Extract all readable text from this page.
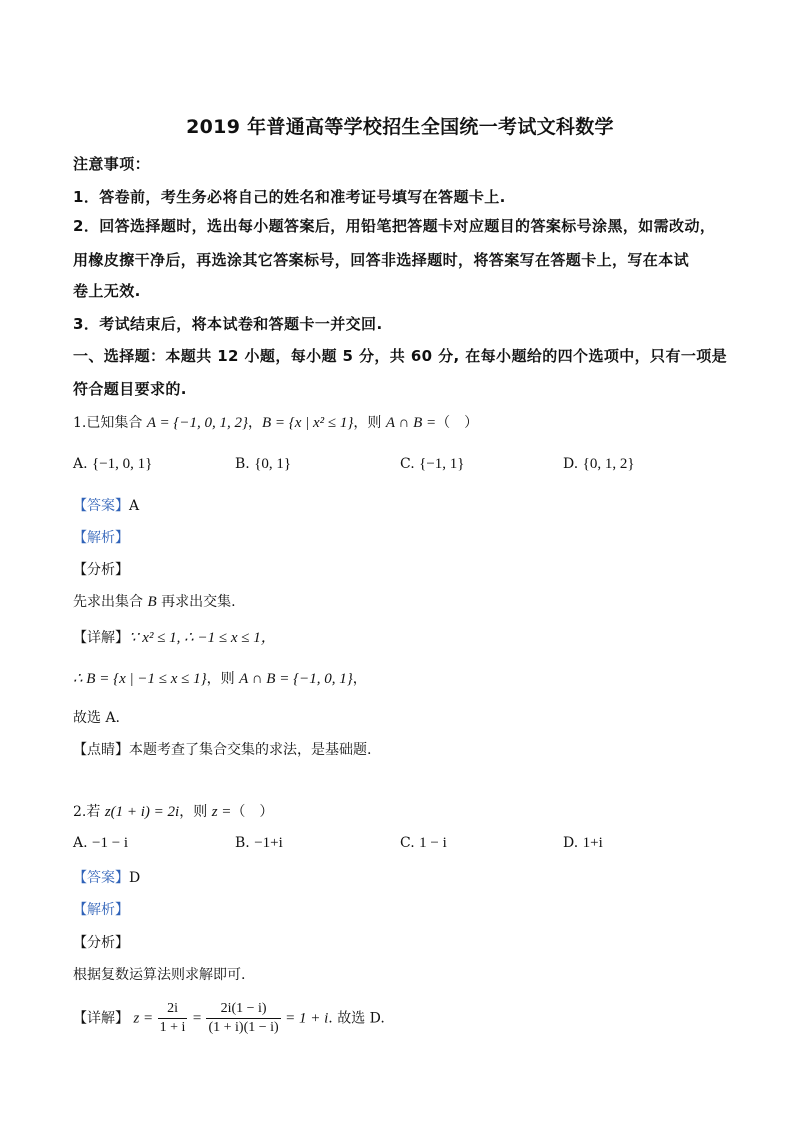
2019 年普通高等学校招生全国统一考试文科数学
注意事项：
1．答卷前，考生务必将自己的姓名和准考证号填写在答题卡上.
2．回答选择题时，选出每小题答案后，用铅笔把答题卡对应题目的答案标号涂黑，如需改动，
用橡皮擦干净后，再选涂其它答案标号，回答非选择题时，将答案写在答题卡上，写在本试
卷上无效.
3．考试结束后，将本试卷和答题卡一并交回.
一、选择题：本题共 12 小题，每小题 5 分，共 60 分, 在每小题给的四个选项中，只有一项是
符合题目要求的.
1.已知集合 A = {−1, 0, 1, 2}，B = {x | x² ≤ 1}，则 A ∩ B =（　）
A. {−1, 0, 1}	B. {0, 1}	C. {−1, 1}	D. {0, 1, 2}
【答案】A
【解析】
【分析】
先求出集合 B 再求出交集.
【详解】∵ x² ≤ 1, ∴ −1 ≤ x ≤ 1，
∴ B = {x | −1 ≤ x ≤ 1}，则 A ∩ B = {−1, 0, 1}，
故选 A.
【点睛】本题考查了集合交集的求法，是基础题.
2.若 z(1 + i) = 2i，则 z =（　）
A. −1 − i	B. −1+i	C. 1 − i	D. 1+i
【答案】D
【解析】
【分析】
根据复数运算法则求解即可.
【详解】 $z = \frac{2i}{1 + i} = \frac{2i(1 - i)}{(1 + i)(1 - i)} = 1 + i$. 故选 D.
